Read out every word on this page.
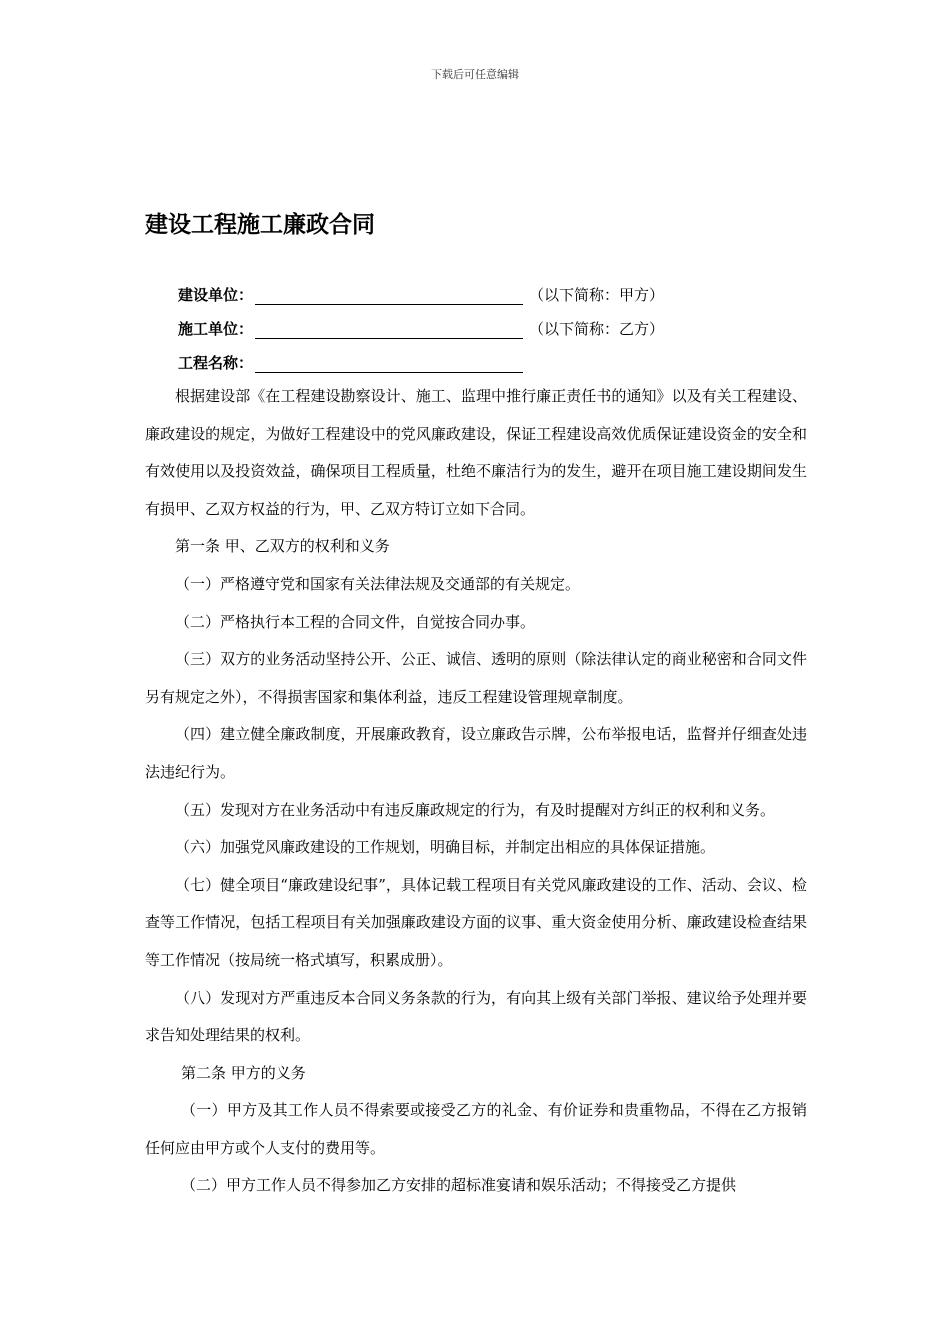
下载后可任意编辑
建设工程施工廉政合同
建设单位：	（以下简称：甲方）
施工单位：	（以下简称：乙方）
工程名称：

根据建设部《在工程建设勘察设计、施工、监理中推行廉正责任书的通知》以及有关工程建设、廉政建设的规定，为做好工程建设中的党风廉政建设，保证工程建设高效优质保证建设资金的安全和有效使用以及投资效益，确保项目工程质量，杜绝不廉洁行为的发生，避开在项目施工建设期间发生有损甲、乙双方权益的行为，甲、乙双方特订立如下合同。

第一条 甲、乙双方的权利和义务

（一）严格遵守党和国家有关法律法规及交通部的有关规定。

（二）严格执行本工程的合同文件，自觉按合同办事。

（三）双方的业务活动坚持公开、公正、诚信、透明的原则（除法律认定的商业秘密和合同文件另有规定之外），不得损害国家和集体利益，违反工程建设管理规章制度。

（四）建立健全廉政制度，开展廉政教育，设立廉政告示牌，公布举报电话，监督并仔细查处违法违纪行为。

（五）发现对方在业务活动中有违反廉政规定的行为，有及时提醒对方纠正的权利和义务。

（六）加强党风廉政建设的工作规划，明确目标，并制定出相应的具体保证措施。

（七）健全项目“廉政建设纪事”，具体记载工程项目有关党风廉政建设的工作、活动、会议、检查等工作情况，包括工程项目有关加强廉政建设方面的议事、重大资金使用分析、廉政建设检查结果等工作情况（按局统一格式填写，积累成册）。

（八）发现对方严重违反本合同义务条款的行为，有向其上级有关部门举报、建议给予处理并要求告知处理结果的权利。

第二条 甲方的义务

（一）甲方及其工作人员不得索要或接受乙方的礼金、有价证券和贵重物品，不得在乙方报销任何应由甲方或个人支付的费用等。

（二）甲方工作人员不得参加乙方安排的超标准宴请和娱乐活动；不得接受乙方提供
